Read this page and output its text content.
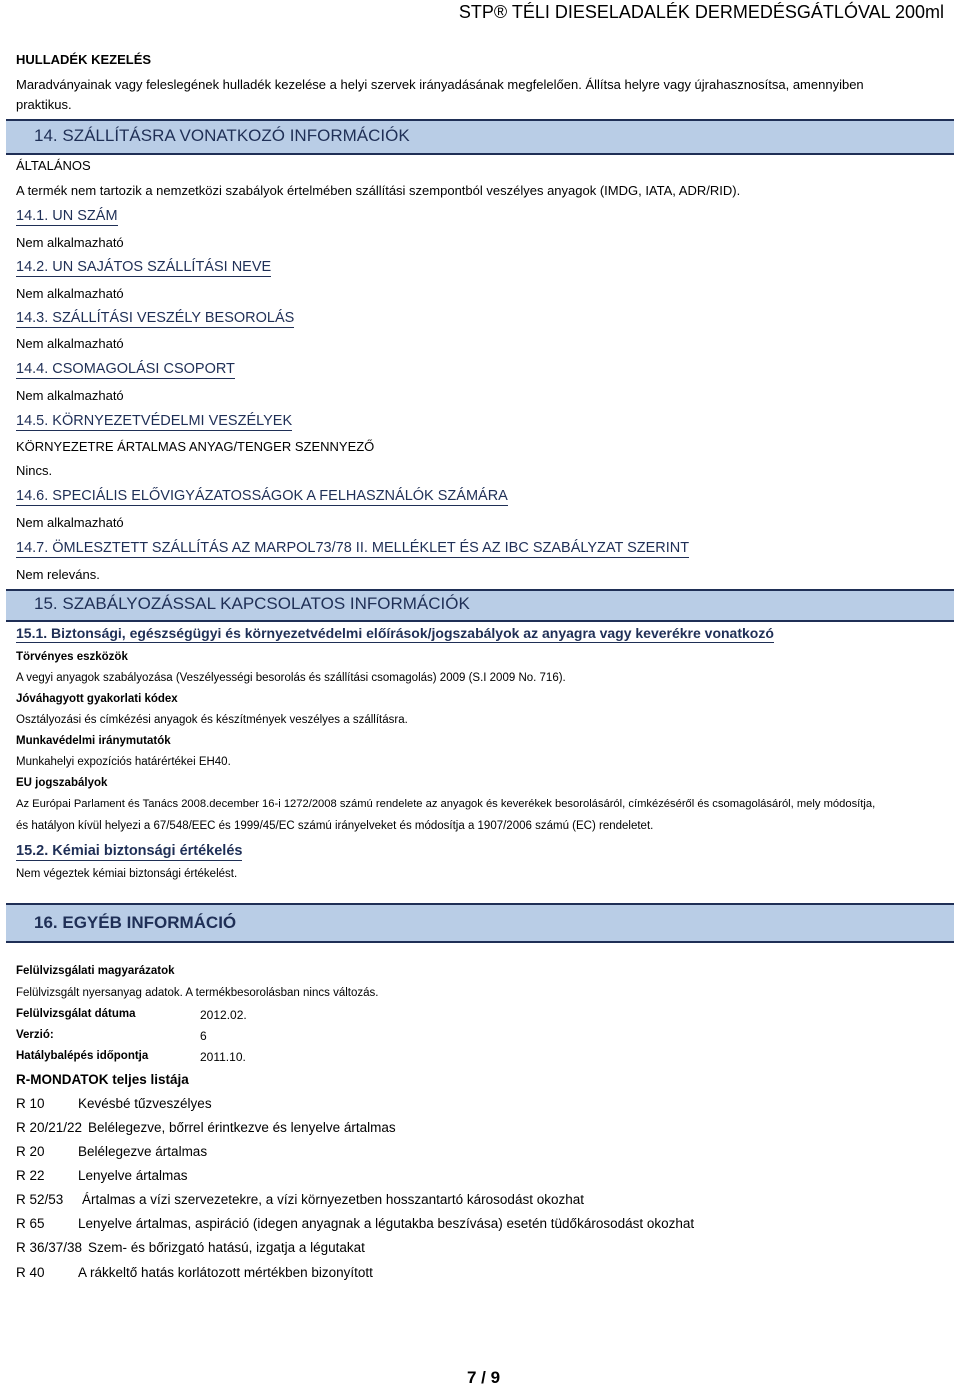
STP® TÉLI DIESELADALÉK DERMEDÉSGÁTLÓVAL 200ml
HULLADÉK KEZELÉS
Maradványainak vagy feleslegének hulladék kezelése a helyi szervek irányadásának megfelelően. Állítsa helyre vagy újrahasznosítsa, amennyiben
praktikus.
14. SZÁLLÍTÁSRA VONATKOZÓ INFORMÁCIÓK
ÁLTALÁNOS
A termék nem tartozik a nemzetközi szabályok értelmében szállítási szempontból veszélyes anyagok (IMDG, IATA, ADR/RID).
14.1. UN SZÁM
Nem alkalmazható
14.2. UN SAJÁTOS SZÁLLÍTÁSI NEVE
Nem alkalmazható
14.3. SZÁLLÍTÁSI VESZÉLY BESOROLÁS
Nem alkalmazható
14.4. CSOMAGOLÁSI CSOPORT
Nem alkalmazható
14.5. KÖRNYEZETVÉDELMI VESZÉLYEK
KÖRNYEZETRE ÁRTALMAS ANYAG/TENGER SZENNYEZŐ
Nincs.
14.6. SPECIÁLIS ELŐVIGYÁZATOSSÁGOK A FELHASZNÁLÓK SZÁMÁRA
Nem alkalmazható
14.7. ÖMLESZTETT SZÁLLÍTÁS AZ MARPOL73/78 II. MELLÉKLET ÉS AZ IBC SZABÁLYZAT SZERINT
Nem releváns.
15. SZABÁLYOZÁSSAL KAPCSOLATOS INFORMÁCIÓK
15.1. Biztonsági, egészségügyi és környezetvédelmi előírások/jogszabályok az anyagra vagy keverékre vonatkozó
Törvényes eszközök
A vegyi anyagok szabályozása (Veszélyességi besorolás és szállítási csomagolás) 2009 (S.I 2009 No. 716).
Jóváhagyott gyakorlati kódex
Osztályozási és címkézési anyagok és készítmények veszélyes a szállításra.
Munkavédelmi iránymutatók
Munkahelyi expozíciós határértékei EH40.
EU jogszabályok
Az Európai Parlament és Tanács 2008.december 16-i 1272/2008 számú rendelete az anyagok és keverékek besorolásáról, címkézéséről és csomagolásáról, mely módosítja,
és hatályon kívül helyezi a 67/548/EEC és 1999/45/EC számú irányelveket és módosítja a 1907/2006 számú (EC) rendeletet.
15.2. Kémiai biztonsági értékelés
Nem végeztek kémiai biztonsági értékelést.
16. EGYÉB INFORMÁCIÓ
Felülvizsgálati magyarázatok
Felülvizsgált nyersanyag adatok. A termékbesorolásban nincs változás.
Felülvizsgálat dátuma	2012.02.
Verzió:	6
Hatálybalépés időpontja	2011.10.
R-MONDATOK teljes listája
R 10 Kevésbé tűzveszélyes
R 20/21/22 Belélegezve, bőrrel érintkezve és lenyelve ártalmas
R 20 Belélegezve ártalmas
R 22 Lenyelve ártalmas
R 52/53 Ártalmas a vízi szervezetekre, a vízi környezetben hosszantartó károsodást okozhat
R 65 Lenyelve ártalmas, aspiráció (idegen anyagnak a légutakba beszívása) esetén tüdőkárosodást okozhat
R 36/37/38 Szem- és bőrizgató hatású, izgatja a légutakat
R 40 A rákkeltő hatás korlátozott mértékben bizonyított
7 / 9
